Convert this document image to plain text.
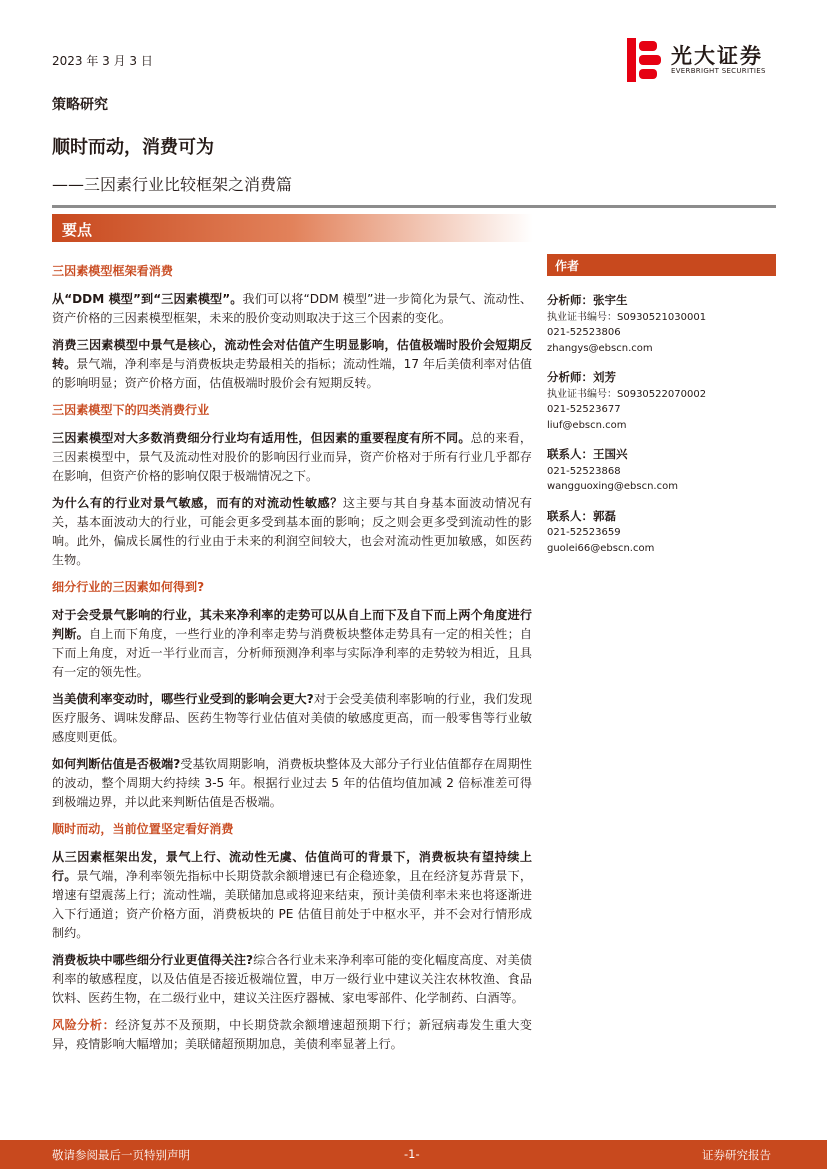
2023 年 3 月 3 日	光大证券
EVERBRIGHT SECURITIES
策略研究
顺时而动，消费可为
——三因素行业比较框架之消费篇
要点
三因素模型框架看消费

从“DDM 模型”到“三因素模型”。我们可以将“DDM 模型”进一步简化为景气、流动性、资产价格的三因素模型框架，未来的股价变动则取决于这三个因素的变化。

消费三因素模型中景气是核心，流动性会对估值产生明显影响，估值极端时股价会短期反转。景气端，净利率是与消费板块走势最相关的指标；流动性端，17 年后美债利率对估值的影响明显；资产价格方面，估值极端时股价会有短期反转。

三因素模型下的四类消费行业

三因素模型对大多数消费细分行业均有适用性，但因素的重要程度有所不同。总的来看，三因素模型中，景气及流动性对股价的影响因行业而异，资产价格对于所有行业几乎都存在影响，但资产价格的影响仅限于极端情况之下。

为什么有的行业对景气敏感，而有的对流动性敏感？这主要与其自身基本面波动情况有关，基本面波动大的行业，可能会更多受到基本面的影响；反之则会更多受到流动性的影响。此外，偏成长属性的行业由于未来的利润空间较大，也会对流动性更加敏感，如医药生物。

细分行业的三因素如何得到?

对于会受景气影响的行业，其未来净利率的走势可以从自上而下及自下而上两个角度进行判断。自上而下角度，一些行业的净利率走势与消费板块整体走势具有一定的相关性；自下而上角度，对近一半行业而言，分析师预测净利率与实际净利率的走势较为相近，且具有一定的领先性。

当美债利率变动时，哪些行业受到的影响会更大?对于会受美债利率影响的行业，我们发现医疗服务、调味发酵品、医药生物等行业估值对美债的敏感度更高，而一般零售等行业敏感度则更低。

如何判断估值是否极端?受基钦周期影响，消费板块整体及大部分子行业估值都存在周期性的波动，整个周期大约持续 3-5 年。根据行业过去 5 年的估值均值加减 2 倍标准差可得到极端边界，并以此来判断估值是否极端。

顺时而动，当前位置坚定看好消费

从三因素框架出发，景气上行、流动性无虞、估值尚可的背景下，消费板块有望持续上行。景气端，净利率领先指标中长期贷款余额增速已有企稳迹象，且在经济复苏背景下，增速有望震荡上行；流动性端，美联储加息或将迎来结束，预计美债利率未来也将逐渐进入下行通道；资产价格方面，消费板块的 PE 估值目前处于中枢水平，并不会对行情形成制约。

消费板块中哪些细分行业更值得关注?综合各行业未来净利率可能的变化幅度高度、对美债利率的敏感程度，以及估值是否接近极端位置，申万一级行业中建议关注农林牧渔、食品饮料、医药生物，在二级行业中，建议关注医疗器械、家电零部件、化学制药、白酒等。

风险分析：经济复苏不及预期，中长期贷款余额增速超预期下行；新冠病毒发生重大变异，疫情影响大幅增加；美联储超预期加息，美债利率显著上行。

作者
分析师：张宇生
执业证书编号：S0930521030001
021-52523806
zhangys@ebscn.com
分析师：刘芳
执业证书编号：S0930522070002
021-52523677
liuf@ebscn.com
联系人：王国兴
021-52523868
wangguoxing@ebscn.com
联系人：郭磊
021-52523659
guolei66@ebscn.com
敬请参阅最后一页特别声明	-1-	证券研究报告
